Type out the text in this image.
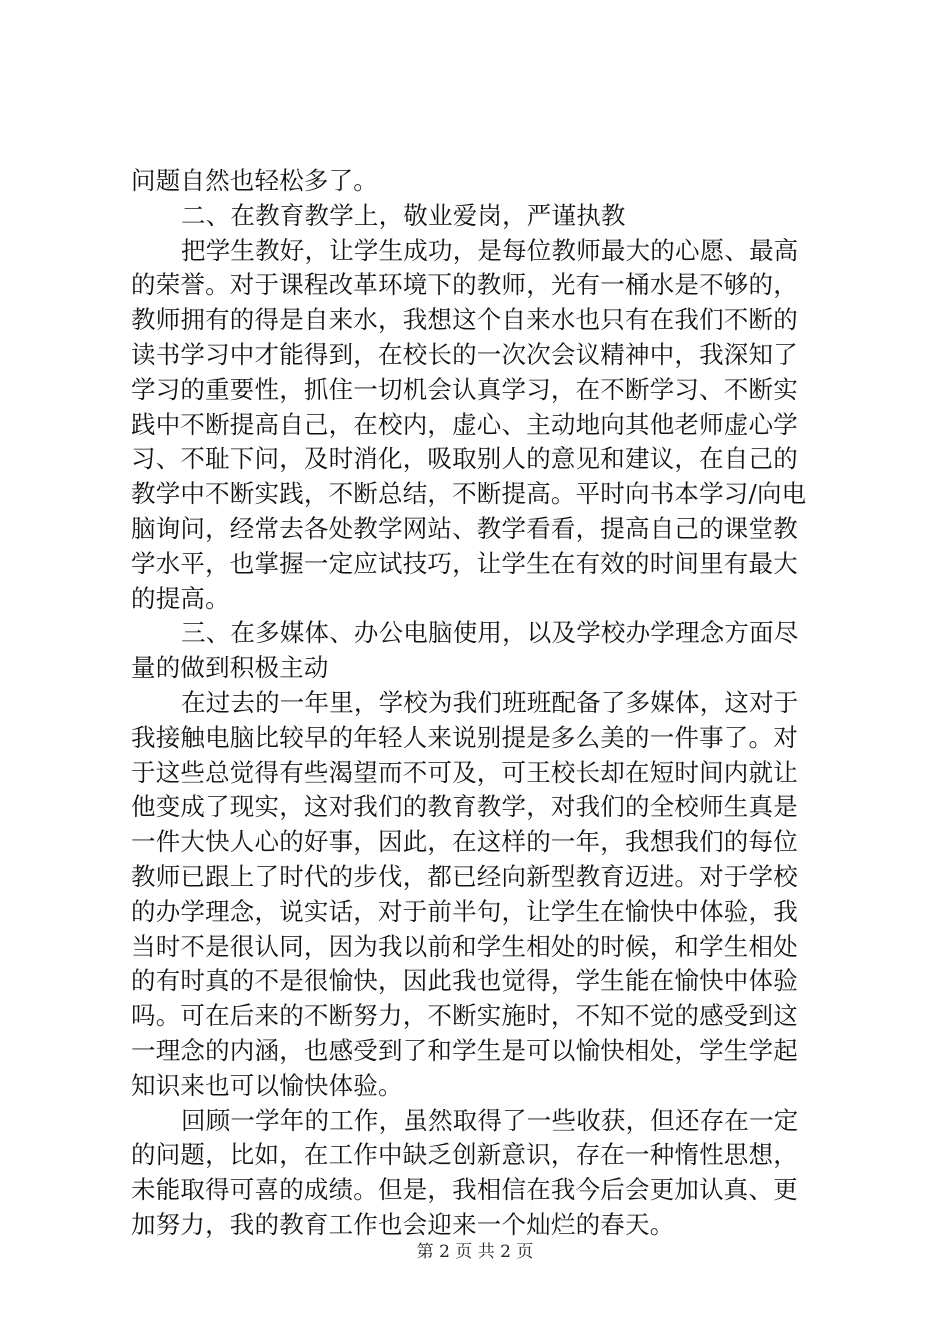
问题自然也轻松多了。
二、在教育教学上，敬业爱岗，严谨执教
把学生教好，让学生成功，是每位教师最大的心愿、最高
的荣誉。对于课程改革环境下的教师，光有一桶水是不够的，
教师拥有的得是自来水，我想这个自来水也只有在我们不断的
读书学习中才能得到，在校长的一次次会议精神中，我深知了
学习的重要性，抓住一切机会认真学习，在不断学习、不断实
践中不断提高自己，在校内，虚心、主动地向其他老师虚心学
习、不耻下问，及时消化，吸取别人的意见和建议，在自己的
教学中不断实践，不断总结，不断提高。平时向书本学习/向电
脑询问，经常去各处教学网站、教学看看，提高自己的课堂教
学水平，也掌握一定应试技巧，让学生在有效的时间里有最大
的提高。
三、在多媒体、办公电脑使用，以及学校办学理念方面尽
量的做到积极主动
在过去的一年里，学校为我们班班配备了多媒体，这对于
我接触电脑比较早的年轻人来说别提是多么美的一件事了。对
于这些总觉得有些渴望而不可及，可王校长却在短时间内就让
他变成了现实，这对我们的教育教学，对我们的全校师生真是
一件大快人心的好事，因此，在这样的一年，我想我们的每位
教师已跟上了时代的步伐，都已经向新型教育迈进。对于学校
的办学理念，说实话，对于前半句，让学生在愉快中体验，我
当时不是很认同，因为我以前和学生相处的时候，和学生相处
的有时真的不是很愉快，因此我也觉得，学生能在愉快中体验
吗。可在后来的不断努力，不断实施时，不知不觉的感受到这
一理念的内涵，也感受到了和学生是可以愉快相处，学生学起
知识来也可以愉快体验。
回顾一学年的工作，虽然取得了一些收获，但还存在一定
的问题，比如，在工作中缺乏创新意识，存在一种惰性思想，
未能取得可喜的成绩。但是，我相信在我今后会更加认真、更
加努力，我的教育工作也会迎来一个灿烂的春天。
第 2 页 共 2 页
